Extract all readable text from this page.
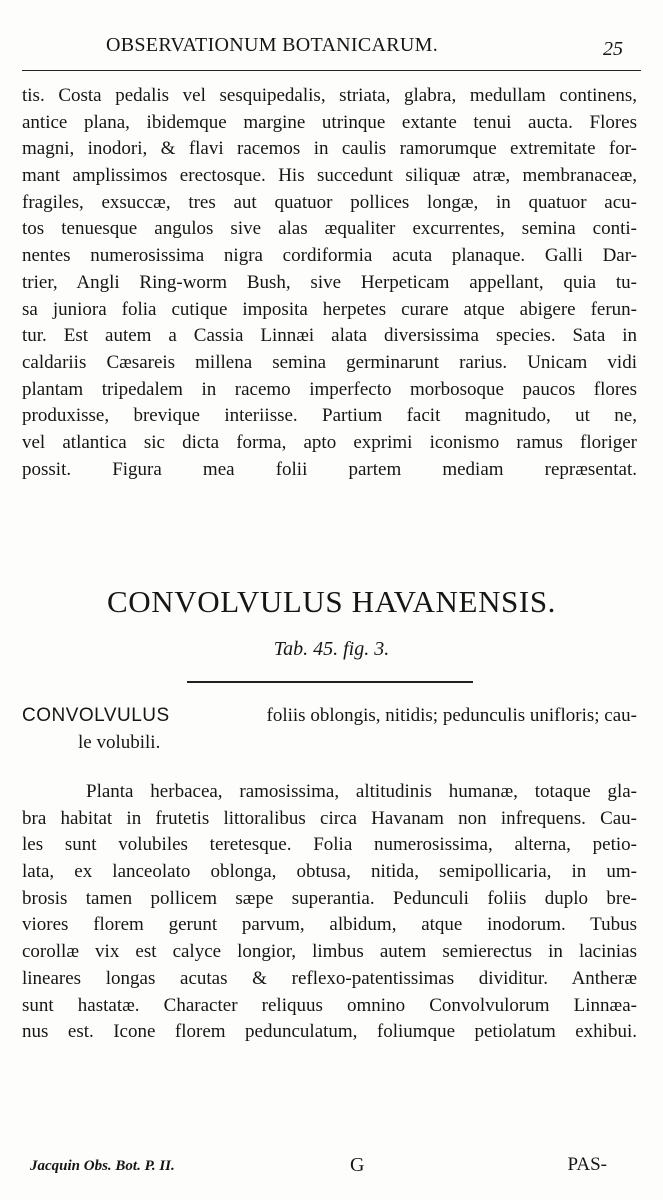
OBSERVATIONUM BOTANICARUM.	25
tis. Costa pedalis vel sesquipedalis, striata, glabra, medullam continens,
antice plana, ibidemque margine utrinque extante tenui aucta. Flores
magni, inodori, & flavi racemos in caulis ramorumque extremitate for-
mant amplissimos erectosque. His succedunt siliquæ atræ, membranaceæ,
fragiles, exsuccæ, tres aut quatuor pollices longæ, in quatuor acu-
tos tenuesque angulos sive alas æqualiter excurrentes, semina conti-
nentes numerosissima nigra cordiformia acuta planaque. Galli Dar-
trier, Angli Ring-worm Bush, sive Herpeticam appellant, quia tu-
sa juniora folia cutique imposita herpetes curare atque abigere ferun-
tur. Est autem a Cassia Linnæi alata diversissima species. Sata in
caldariis Cæsareis millena semina germinarunt rarius. Unicam vidi
plantam tripedalem in racemo imperfecto morbosoque paucos flores
produxisse, brevique interiisse. Partium facit magnitudo, ut ne,
vel atlantica sic dicta forma, apto exprimi iconismo ramus floriger
possit. Figura mea folii partem mediam repræsentat.
CONVOLVULUS HAVANENSIS.
Tab. 45. fig. 3.
CONVOLVULUS	foliis oblongis, nitidis; pedunculis unifloris; cau-
le volubili.
Planta herbacea, ramosissima, altitudinis humanæ, totaque gla-
bra habitat in frutetis littoralibus circa Havanam non infrequens. Cau-
les sunt volubiles teretesque. Folia numerosissima, alterna, petio-
lata, ex lanceolato oblonga, obtusa, nitida, semipollicaria, in um-
brosis tamen pollicem sæpe superantia. Pedunculi foliis duplo bre-
viores florem gerunt parvum, albidum, atque inodorum. Tubus
corollæ vix est calyce longior, limbus autem semierectus in lacinias
lineares longas acutas & reflexo-patentissimas dividitur. Antheræ
sunt hastatæ. Character reliquus omnino Convolvulorum Linnæa-
nus est. Icone florem pedunculatum, foliumque petiolatum exhibui.
Jacquin Obs. Bot. P. II.	G	PAS-
